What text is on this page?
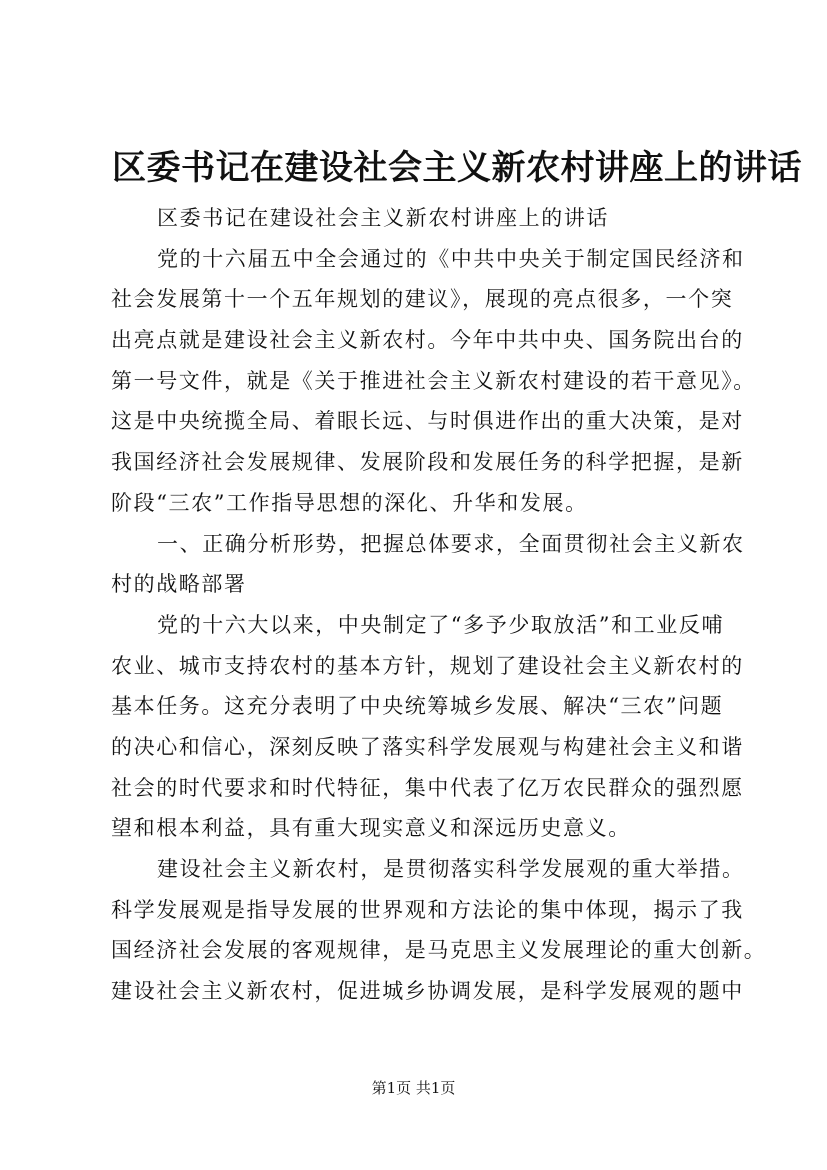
区委书记在建设社会主义新农村讲座上的讲话
区委书记在建设社会主义新农村讲座上的讲话
党的十六届五中全会通过的《中共中央关于制定国民经济和
社会发展第十一个五年规划的建议》，展现的亮点很多，一个突
出亮点就是建设社会主义新农村。今年中共中央、国务院出台的
第一号文件，就是《关于推进社会主义新农村建设的若干意见》。
这是中央统揽全局、着眼长远、与时俱进作出的重大决策，是对
我国经济社会发展规律、发展阶段和发展任务的科学把握，是新
阶段“三农”工作指导思想的深化、升华和发展。
一、正确分析形势，把握总体要求，全面贯彻社会主义新农
村的战略部署
党的十六大以来，中央制定了“多予少取放活”和工业反哺
农业、城市支持农村的基本方针，规划了建设社会主义新农村的
基本任务。这充分表明了中央统筹城乡发展、解决“三农”问题
的决心和信心，深刻反映了落实科学发展观与构建社会主义和谐
社会的时代要求和时代特征，集中代表了亿万农民群众的强烈愿
望和根本利益，具有重大现实意义和深远历史意义。
建设社会主义新农村，是贯彻落实科学发展观的重大举措。
科学发展观是指导发展的世界观和方法论的集中体现，揭示了我
国经济社会发展的客观规律，是马克思主义发展理论的重大创新。
建设社会主义新农村，促进城乡协调发展，是科学发展观的题中
第1页 共1页
